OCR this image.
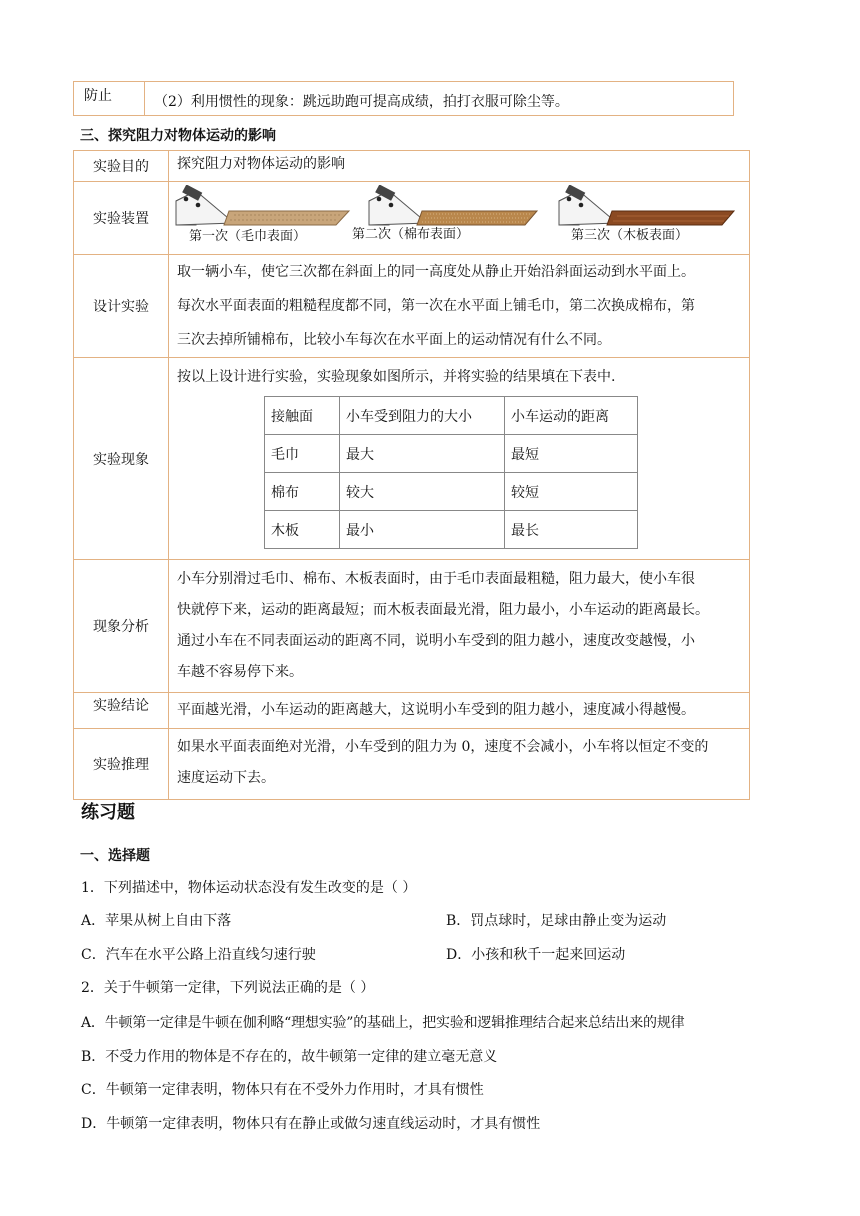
防止	（2）利用惯性的现象：跳远助跑可提高成绩，拍打衣服可除尘等。
三、探究阻力对物体运动的影响
实验目的	探究阻力对物体运动的影响

实验装置	
第一次（毛巾表面）	第二次（棉布表面）	第三次（木板表面）

设计实验	
取一辆小车，使它三次都在斜面上的同一高度处从静止开始沿斜面运动到水平面上。
每次水平面表面的粗糙程度都不同，第一次在水平面上铺毛巾，第二次换成棉布，第
三次去掉所铺棉布，比较小车每次在水平面上的运动情况有什么不同。

实验现象	
按以上设计进行实验，实验现象如图所示，并将实验的结果填在下表中.
接触面	小车受到阻力的大小	小车运动的距离
毛巾	最大	最短
棉布	较大	较短
木板	最小	最长

现象分析	
小车分别滑过毛巾、棉布、木板表面时，由于毛巾表面最粗糙，阻力最大，使小车很
快就停下来，运动的距离最短；而木板表面最光滑，阻力最小，小车运动的距离最长。
通过小车在不同表面运动的距离不同，说明小车受到的阻力越小，速度改变越慢，小
车越不容易停下来。

实验结论	平面越光滑，小车运动的距离越大，这说明小车受到的阻力越小，速度减小得越慢。

实验推理	
如果水平面表面绝对光滑，小车受到的阻力为 0，速度不会减小，小车将以恒定不变的
速度运动下去。
练习题
一、选择题
1．下列描述中，物体运动状态没有发生改变的是（ ）
A．苹果从树上自由下落	B．罚点球时，足球由静止变为运动
C．汽车在水平公路上沿直线匀速行驶	D．小孩和秋千一起来回运动
2．关于牛顿第一定律，下列说法正确的是（ ）
A．牛顿第一定律是牛顿在伽利略“理想实验”的基础上，把实验和逻辑推理结合起来总结出来的规律
B．不受力作用的物体是不存在的，故牛顿第一定律的建立毫无意义
C．牛顿第一定律表明，物体只有在不受外力作用时，才具有惯性
D．牛顿第一定律表明，物体只有在静止或做匀速直线运动时，才具有惯性
